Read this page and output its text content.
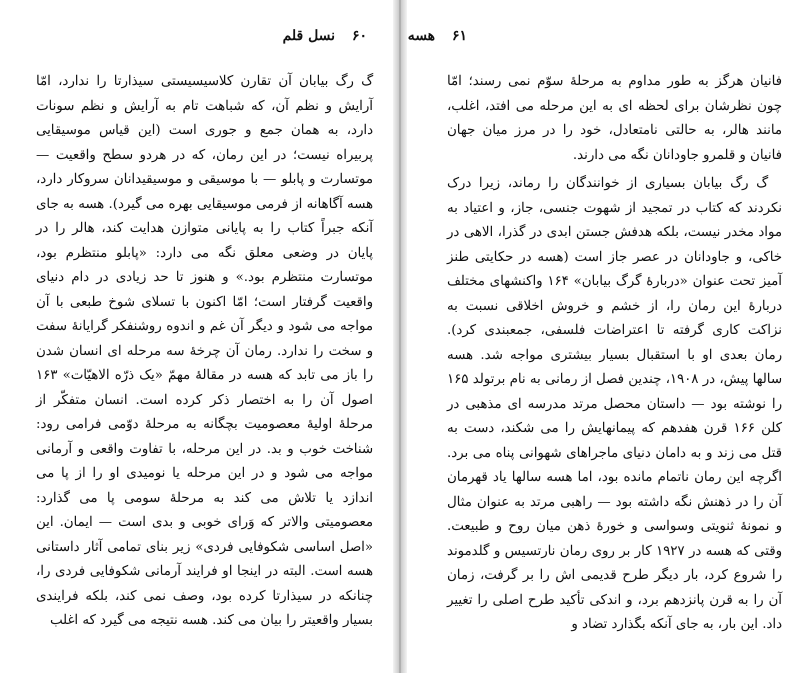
۶۰ نسل قلم

گ رگ بیابان آن تقارن کلاسیسیستی سیذارتا را ندارد، امّا آرایش و نظم آن، که شباهت تام به آرایش و نظم سونات دارد، به همان جمع و جوری است (این قیاس موسیقایی پربیراه نیست؛ در این رمان، که در هردو سطح واقعیت — موتسارت و پابلو — با موسیقی و موسیقیدانان سروکار دارد، هسه آگاهانه از فرمی موسیقایی بهره می گیرد). هسه به جای آنکه جبراً کتاب را به پایانی متوازن هدایت کند، هالر را در پایان در وضعی معلق نگه می دارد: «پابلو منتظرم بود، موتسارت منتظرم بود.» و هنوز تا حد زیادی در دام دنیای واقعیت گرفتار است؛ امّا اکنون با تسلای شوخ طبعی با آن مواجه می شود و دیگر آن غم و اندوه روشنفکر گرایانهٔ سفت و سخت را ندارد. رمان آن چرخهٔ سه مرحله ای انسان شدن را باز می تابد که هسه در مقالهٔ مهمّ «یک ذرّه الاهیّات» ۱۶۳ اصول آن را به اختصار ذکر کرده است. انسان متفکّر از مرحلهٔ اولیهٔ معصومیت بچگانه به مرحلهٔ دوّمی فرامی رود: شناخت خوب و بد. در این مرحله، با تفاوت واقعی و آرمانی مواجه می شود و در این مرحله یا نومیدی او را از پا می اندازد یا تلاش می کند به مرحلهٔ سومی پا می گذارد: معصومیتی والاتر که وَرای خوبی و بدی است — ایمان. این «اصل اساسی شکوفایی فردی» زیر بنای تمامی آثار داستانی هسه است. البته در اینجا او فرایند آرمانی شکوفایی فردی را، چنانکه در سیذارتا کرده بود، وصف نمی کند، بلکه فرایندی بسیار واقعیتر را بیان می کند. هسه نتیجه می گیرد که اغلب

۶۱ هسه

فانیان هرگز به طور مداوم به مرحلهٔ سوّم نمی رسند؛ امّا چون نظرشان برای لحظه ای به این مرحله می افتد، اغلب، مانند هالر، به حالتی نامتعادل، خود را در مرز میان جهان فانیان و قلمرو جاودانان نگه می دارند.

گ رگ بیابان بسیاری از خوانندگان را رماند، زیرا درک نکردند که کتاب در تمجید از شهوت جنسی، جاز، و اعتیاد به مواد مخدر نیست، بلکه هدفش جستن ابدی در گذرا، الاهی در خاکی، و جاودانان در عصر جاز است (هسه در حکایتی طنز آمیز تحت عنوان «دربارهٔ گرگ بیابان» ۱۶۴ واکنشهای مختلف دربارهٔ این رمان را، از خشم و خروش اخلاقی نسبت به نزاکت کاری گرفته تا اعتراضات فلسفی، جمعبندی کرد). رمان بعدی او با استقبال بسیار بیشتری مواجه شد. هسه سالها پیش، در ۱۹۰۸، چندین فصل از رمانی به نام برتولد ۱۶۵ را نوشته بود — داستان محصل مرتد مدرسه ای مذهبی در کلن ۱۶۶ قرن هفدهم که پیمانهایش را می شکند، دست به قتل می زند و به دامان دنیای ماجراهای شهوانی پناه می برد. اگرچه این رمان ناتمام مانده بود، اما هسه سالها یاد قهرمان آن را در ذهنش نگه داشته بود — راهبی مرتد به عنوان مثال و نمونهٔ ثنویتی وسواسی و خورهٔ ذهن میان روح و طبیعت. وقتی که هسه در ۱۹۲۷ کار بر روی رمان نارتسیس و گلدموند را شروع کرد، بار دیگر طرح قدیمی اش را بر گرفت، زمان آن را به قرن پانزدهم برد، و اندکی تأکید طرح اصلی را تغییر داد. این بار، به جای آنکه بگذارد تضاد و
